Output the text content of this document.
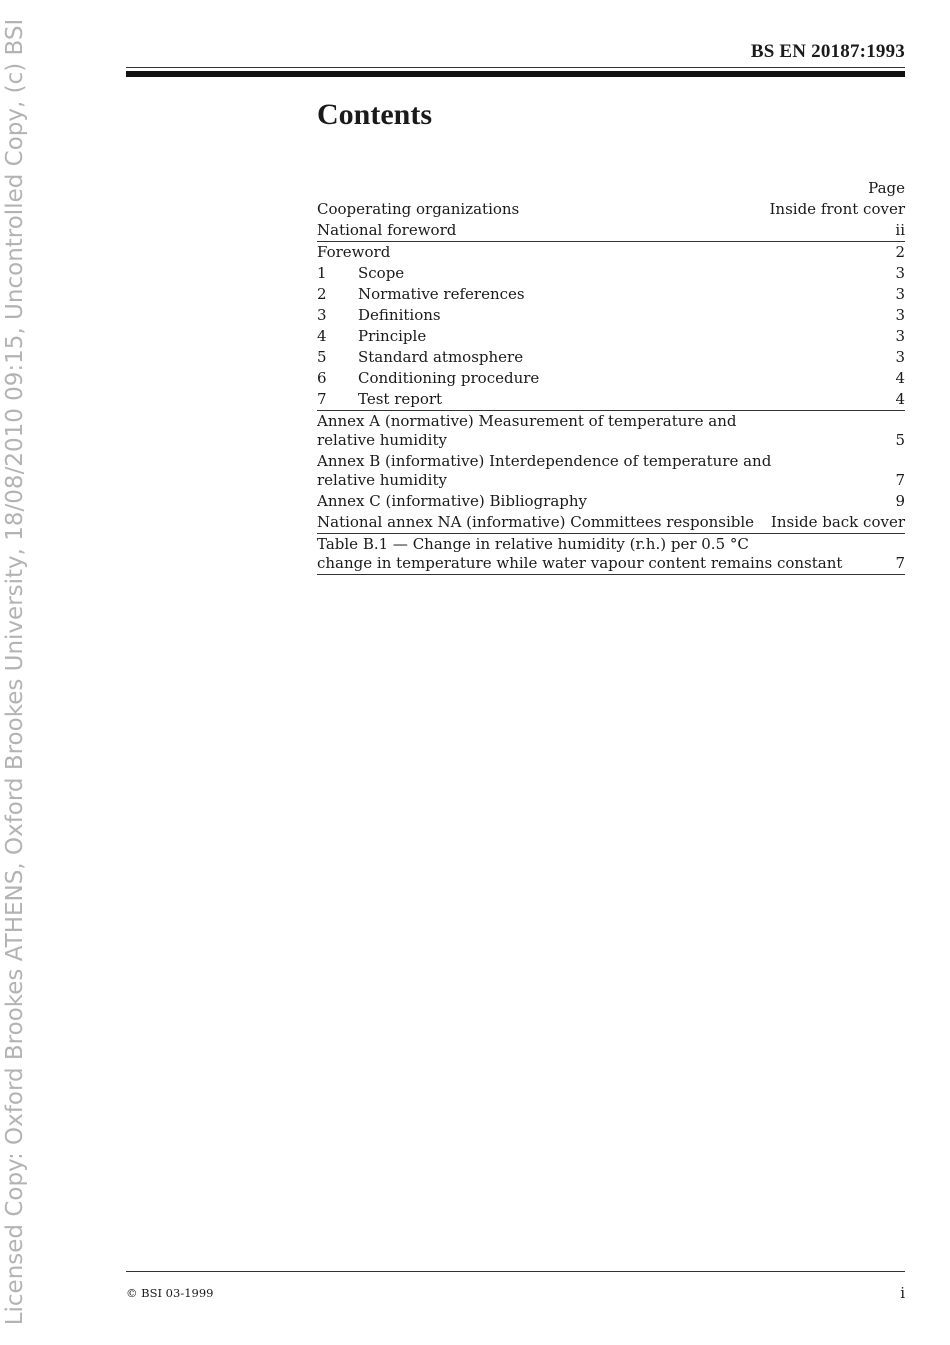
Licensed Copy: Oxford Brookes ATHENS, Oxford Brookes University, 18/08/2010 09:15, Uncontrolled Copy, (c) BSI	BS EN 20187:1993
Contents
Page
Cooperating organizations	Inside front cover
National foreword	ii
Foreword	2
1	Scope	3
2	Normative references	3
3	Definitions	3
4	Principle	3
5	Standard atmosphere	3
6	Conditioning procedure	4
7	Test report	4
Annex A (normative) Measurement of temperature and
relative humidity	5
Annex B (informative) Interdependence of temperature and
relative humidity	7
Annex C (informative) Bibliography	9
National annex NA (informative) Committees responsible	Inside back cover
Table B.1 — Change in relative humidity (r.h.) per 0.5 °C
change in temperature while water vapour content remains constant	7
© BSI 03-1999	i
